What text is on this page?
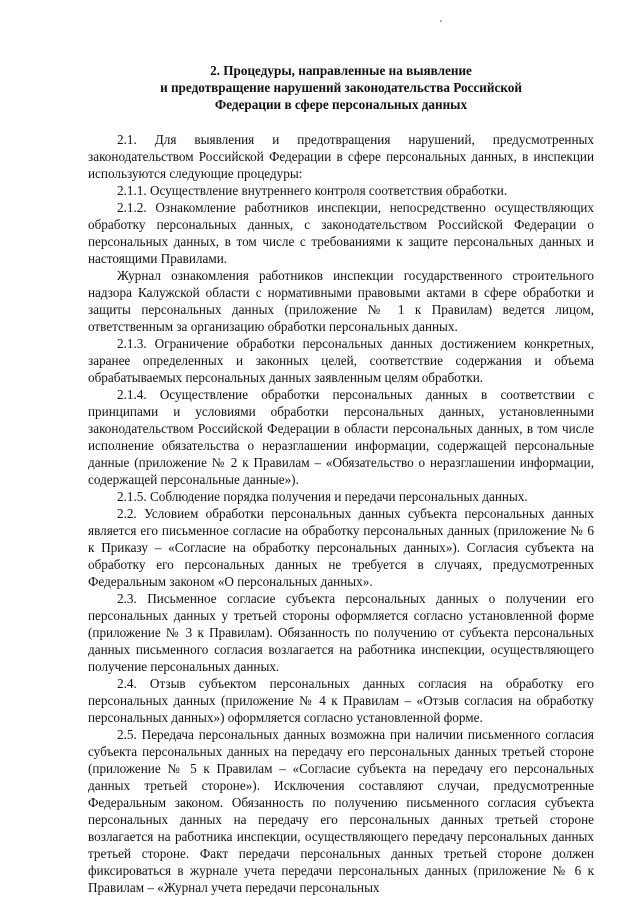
2. Процедуры, направленные на выявление
и предотвращение нарушений законодательства Российской
Федерации в сфере персональных данных

2.1. Для выявления и предотвращения нарушений, предусмотренных законодательством Российской Федерации в сфере персональных данных, в инспекции используются следующие процедуры:

2.1.1. Осуществление внутреннего контроля соответствия обработки.

2.1.2. Ознакомление работников инспекции, непосредственно осуществляющих обработку персональных данных, с законодательством Российской Федерации о персональных данных, в том числе с требованиями к защите персональных данных и настоящими Правилами.

Журнал ознакомления работников инспекции государственного строительного надзора Калужской области с нормативными правовыми актами в сфере обработки и защиты персональных данных (приложение № 1 к Правилам) ведется лицом, ответственным за организацию обработки персональных данных.

2.1.3. Ограничение обработки персональных данных достижением конкретных, заранее определенных и законных целей, соответствие содержания и объема обрабатываемых персональных данных заявленным целям обработки.

2.1.4. Осуществление обработки персональных данных в соответствии с принципами и условиями обработки персональных данных, установленными законодательством Российской Федерации в области персональных данных, в том числе исполнение обязательства о неразглашении информации, содержащей персональные данные (приложение № 2 к Правилам – «Обязательство о неразглашении информации, содержащей персональные данные»).

2.1.5. Соблюдение порядка получения и передачи персональных данных.

2.2. Условием обработки персональных данных субъекта персональных данных является его письменное согласие на обработку персональных данных (приложение № 6 к Приказу – «Согласие на обработку персональных данных»). Согласия субъекта на обработку его персональных данных не требуется в случаях, предусмотренных Федеральным законом «О персональных данных».

2.3. Письменное согласие субъекта персональных данных о получении его персональных данных у третьей стороны оформляется согласно установленной форме (приложение № 3 к Правилам). Обязанность по получению от субъекта персональных данных письменного согласия возлагается на работника инспекции, осуществляющего получение персональных данных.

2.4. Отзыв субъектом персональных данных согласия на обработку его персональных данных (приложение № 4 к Правилам – «Отзыв согласия на обработку персональных данных») оформляется согласно установленной форме.

2.5. Передача персональных данных возможна при наличии письменного согласия субъекта персональных данных на передачу его персональных данных третьей стороне (приложение № 5 к Правилам – «Согласие субъекта на передачу его персональных данных третьей стороне»). Исключения составляют случаи, предусмотренные Федеральным законом. Обязанность по получению письменного согласия субъекта персональных данных на передачу его персональных данных третьей стороне возлагается на работника инспекции, осуществляющего передачу персональных данных третьей стороне. Факт передачи персональных данных третьей стороне должен фиксироваться в журнале учета передачи персональных данных (приложение № 6 к Правилам – «Журнал учета передачи персональных
